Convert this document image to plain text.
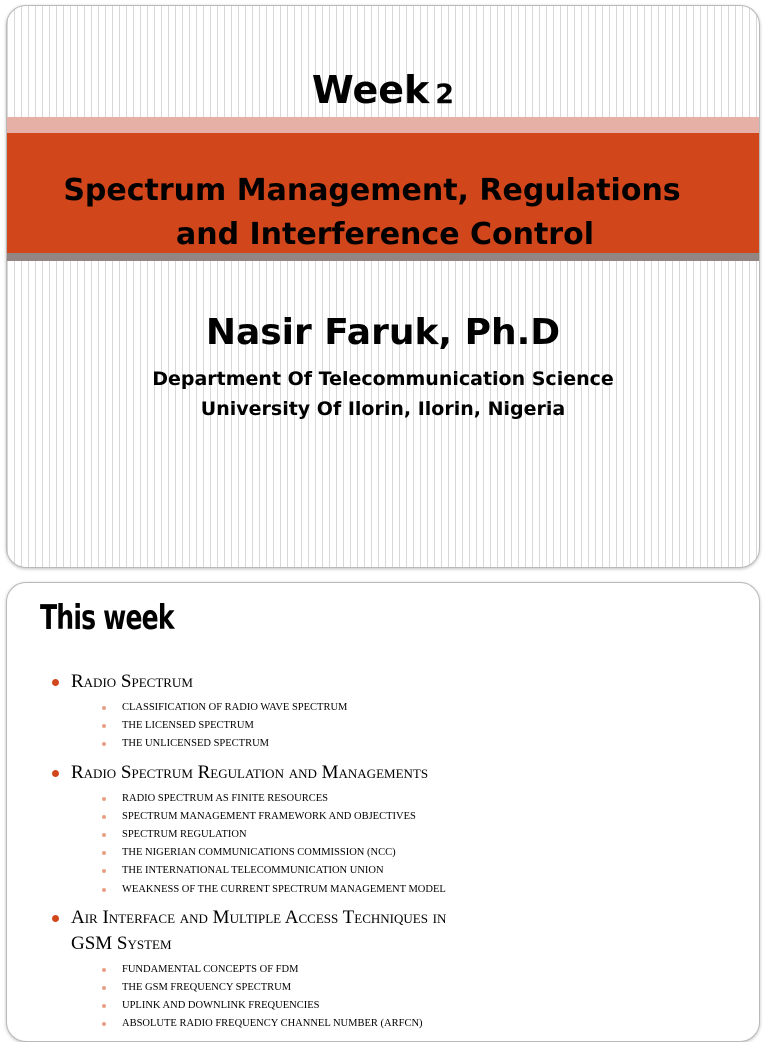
Week 2
Spectrum Management, Regulations
and Interference Control
Nasir Faruk, Ph.D
Department Of Telecommunication Science
University Of Ilorin, Ilorin, Nigeria
This week
Radio Spectrum
CLASSIFICATION OF RADIO WAVE SPECTRUM
THE LICENSED SPECTRUM
THE UNLICENSED SPECTRUM
Radio Spectrum Regulation and Managements
RADIO SPECTRUM AS FINITE RESOURCES
SPECTRUM MANAGEMENT FRAMEWORK AND OBJECTIVES
SPECTRUM REGULATION
THE NIGERIAN COMMUNICATIONS COMMISSION (NCC)
THE INTERNATIONAL TELECOMMUNICATION UNION
WEAKNESS OF THE CURRENT SPECTRUM MANAGEMENT MODEL
Air Interface and Multiple Access Techniques in
GSM System
FUNDAMENTAL CONCEPTS OF FDM
THE GSM FREQUENCY SPECTRUM
UPLINK AND DOWNLINK FREQUENCIES
ABSOLUTE RADIO FREQUENCY CHANNEL NUMBER (ARFCN)
